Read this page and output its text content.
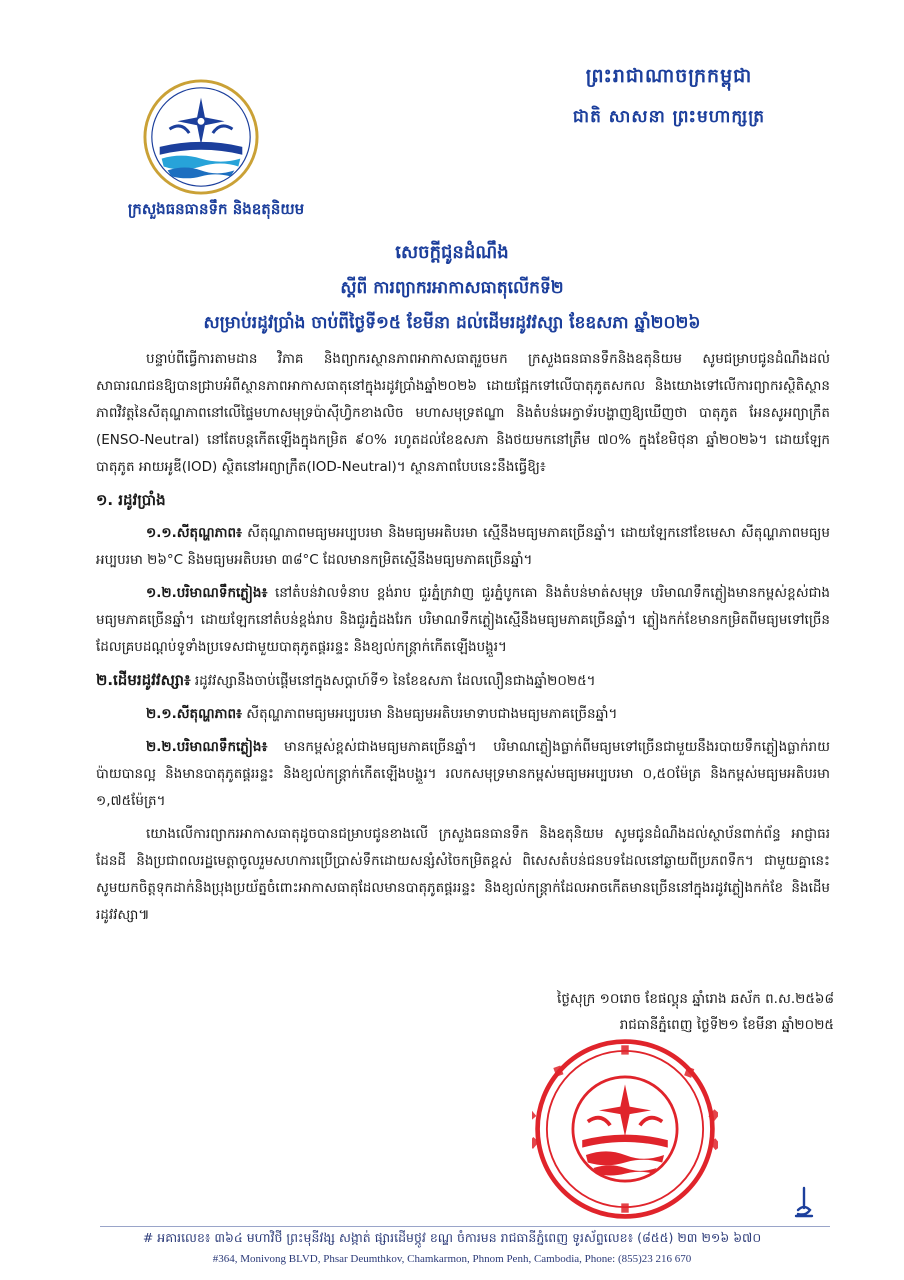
ព្រះរាជាណាចក្រកម្ពុជា
ជាតិ សាសនា ព្រះមហាក្សត្រ
ក្រសួងធនធានទឹក និងឧតុនិយម
សេចក្ដីជូនដំណឹង
ស្ដីពី ការព្យាករអាកាសធាតុលើកទី២
សម្រាប់រដូវប្រាំង ចាប់ពីថ្ងៃទី១៥ ខែមីនា ដល់ដើមរដូវវស្សា ខែឧសភា ឆ្នាំ២០២៦

បន្ទាប់ពីធ្វើការតាមដាន វិភាគ និងព្យាករស្ថានភាពអាកាសធាតុរួចមក ក្រសួងធនធានទឹកនិងឧតុនិយម សូមជម្រាបជូនដំណឹងដល់សាធារណជនឱ្យបានជ្រាបអំពីស្ថានភាពអាកាសធាតុនៅក្នុងរដូវប្រាំងឆ្នាំ២០២៦ ដោយផ្អែកទៅលើបាតុភូតសកល និងយោងទៅលើការព្យាករស្ថិតិស្ថានភាពវិវត្តនៃសីតុណ្ហភាពនៅលើផ្ទៃមហាសមុទ្រប៉ាស៊ីហ្វិកខាងលិច មហាសមុទ្រឥណ្ឌា និងតំបន់អេក្វាទ័របង្ហាញឱ្យឃើញថា បាតុភូត អែនសូអព្យាក្រឹត (ENSO-Neutral) នៅតែបន្តកើតឡើងក្នុងកម្រិត ៩០% រហូតដល់ខែឧសភា និងថយមកនៅត្រឹម ៧០% ក្នុងខែមិថុនា ឆ្នាំ២០២៦។ ដោយឡែកបាតុភូត អាយអូឌី(IOD) ស្ថិតនៅអព្យាក្រឹត(IOD-Neutral)។ ស្ថានភាពបែបនេះនឹងធ្វើឱ្យ៖

១. រដូវប្រាំង

១.១.សីតុណ្ហភាព៖ សីតុណ្ហភាពមធ្យមអប្បបរមា និងមធ្យមអតិបរមា ស្មើនឹងមធ្យមភាគច្រើនឆ្នាំ។ ដោយឡែកនៅខែមេសា សីតុណ្ហភាពមធ្យមអប្បបរមា ២៦°C និងមធ្យមអតិបរមា ៣៨°C ដែលមានកម្រិតស្មើនឹងមធ្យមភាគច្រើនឆ្នាំ។

១.២.បរិមាណទឹកភ្លៀង៖ នៅតំបន់វាលទំនាប ខ្ពង់រាប ជួរភ្នំក្រវាញ ជួរភ្នំបូកគោ និងតំបន់មាត់សមុទ្រ បរិមាណទឹកភ្លៀងមានកម្ពស់ខ្ពស់ជាងមធ្យមភាគច្រើនឆ្នាំ។ ដោយឡែកនៅតំបន់ខ្ពង់រាប និងជួរភ្នំដងរែក បរិមាណទឹកភ្លៀងស្មើនឹងមធ្យមភាគច្រើនឆ្នាំ។ ភ្លៀងកក់ខែមានកម្រិតពីមធ្យមទៅច្រើន ដែលគ្របដណ្ដប់ទូទាំងប្រទេសជាមួយបាតុភូតផ្គររន្ទះ និងខ្យល់កន្ត្រាក់កើតឡើងបង្គួរ។

២.ដើមរដូវវស្សា៖ រដូវវស្សានឹងចាប់ផ្ដើមនៅក្នុងសប្ដាហ៍ទី១ នៃខែឧសភា ដែលលឿនជាងឆ្នាំ២០២៥។

២.១.សីតុណ្ហភាព៖ សីតុណ្ហភាពមធ្យមអប្បបរមា និងមធ្យមអតិបរមាទាបជាងមធ្យមភាគច្រើនឆ្នាំ។

២.២.បរិមាណទឹកភ្លៀង៖ មានកម្ពស់ខ្ពស់ជាងមធ្យមភាគច្រើនឆ្នាំ។ បរិមាណភ្លៀងធ្លាក់ពីមធ្យមទៅច្រើនជាមួយនឹងរបាយទឹកភ្លៀងធ្លាក់រាយប៉ាយបានល្អ និងមានបាតុភូតផ្គររន្ទះ និងខ្យល់កន្ត្រាក់កើតឡើងបង្គួរ។ រលកសមុទ្រមានកម្ពស់មធ្យមអប្បបរមា ០,៥០ម៉ែត្រ និងកម្ពស់មធ្យមអតិបរមា ១,៧៥ម៉ែត្រ។

យោងលើការព្យាករអាកាសធាតុដូចបានជម្រាបជូនខាងលើ ក្រសួងធនធានទឹក និងឧតុនិយម សូមជូនដំណឹងដល់ស្ថាប័នពាក់ព័ន្ធ អាជ្ញាធរដែនដី និងប្រជាពលរដ្ឋមេត្តាចូលរួមសហការប្រើប្រាស់ទឹកដោយសន្សំសំចៃកម្រិតខ្ពស់ ពិសេសតំបន់ជនបទដែលនៅឆ្ងាយពីប្រភពទឹក។ ជាមួយគ្នានេះ សូមយកចិត្តទុកដាក់និងប្រុងប្រយ័ត្នចំពោះអាកាសធាតុដែលមានបាតុភូតផ្គររន្ទះ និងខ្យល់កន្ត្រាក់ដែលអាចកើតមានច្រើននៅក្នុងរដូវភ្លៀងកក់ខែ និងដើមរដូវវស្សា៕

ថ្ងៃសុក្រ ១០រោច ខែផល្គុន ឆ្នាំរោង ឆស័ក ព.ស.២៥៦៨
រាជធានីភ្នំពេញ ថ្ងៃទី២១ ខែមីនា ឆ្នាំ២០២៥
# អគារលេខ៖ ៣៦៤ មហាវិថី ព្រះមុនីវង្ស សង្កាត់ ផ្សារដើមថ្កូវ ខណ្ឌ ចំការមន រាជធានីភ្នំពេញ ទូរស័ព្ទលេខ៖ (៨៥៥) ២៣ ២១៦ ៦៧០
#364, Monivong BLVD, Phsar Deumthkov, Chamkarmon, Phnom Penh, Cambodia, Phone: (855)23 216 670
